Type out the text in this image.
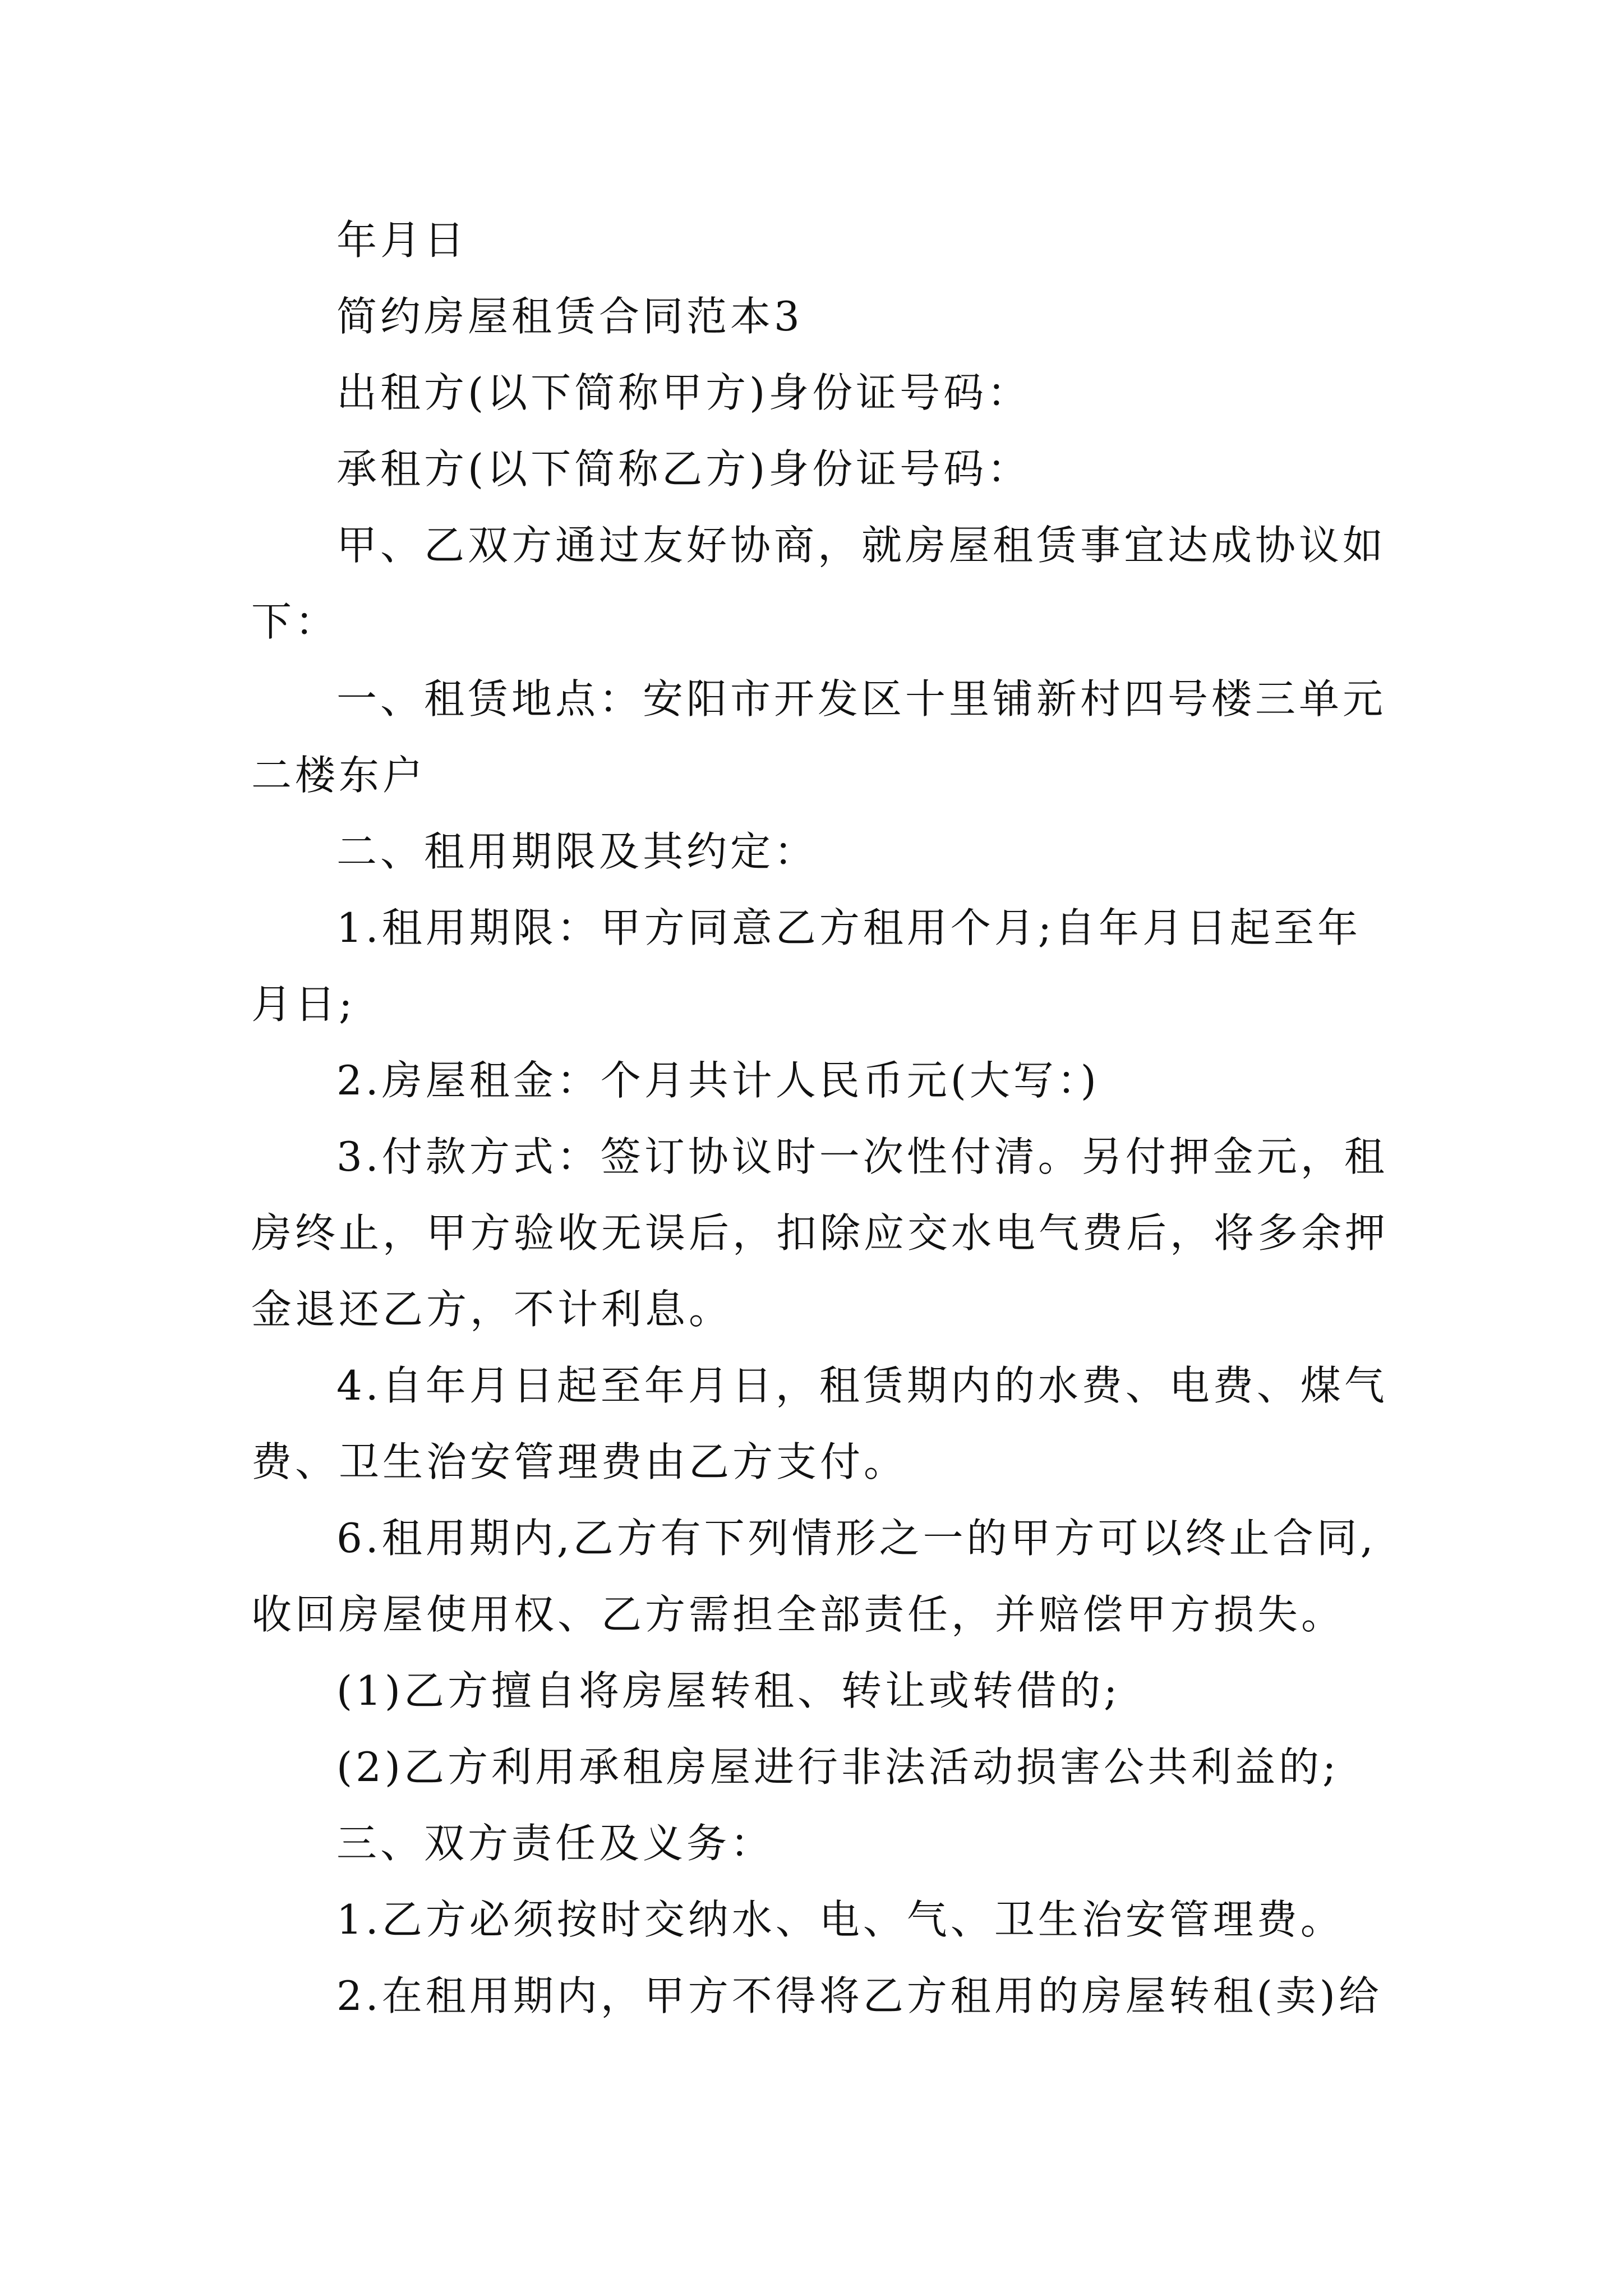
年月日
简约房屋租赁合同范本3
出租方(以下简称甲方)身份证号码：
承租方(以下简称乙方)身份证号码：
甲、乙双方通过友好协商，就房屋租赁事宜达成协议如
下：
一、租赁地点：安阳市开发区十里铺新村四号楼三单元
二楼东户
二、租用期限及其约定：
1.租用期限：甲方同意乙方租用个月;自年月日起至年
月日;
2.房屋租金：个月共计人民币元(大写：)
3.付款方式：签订协议时一次性付清。另付押金元，租
房终止，甲方验收无误后，扣除应交水电气费后，将多余押
金退还乙方，不计利息。
4.自年月日起至年月日，租赁期内的水费、电费、煤气
费、卫生治安管理费由乙方支付。
6.租用期内,乙方有下列情形之一的甲方可以终止合同,
收回房屋使用权、乙方需担全部责任，并赔偿甲方损失。
(1)乙方擅自将房屋转租、转让或转借的;
(2)乙方利用承租房屋进行非法活动损害公共利益的;
三、双方责任及义务：
1.乙方必须按时交纳水、电、气、卫生治安管理费。
2.在租用期内，甲方不得将乙方租用的房屋转租(卖)给
